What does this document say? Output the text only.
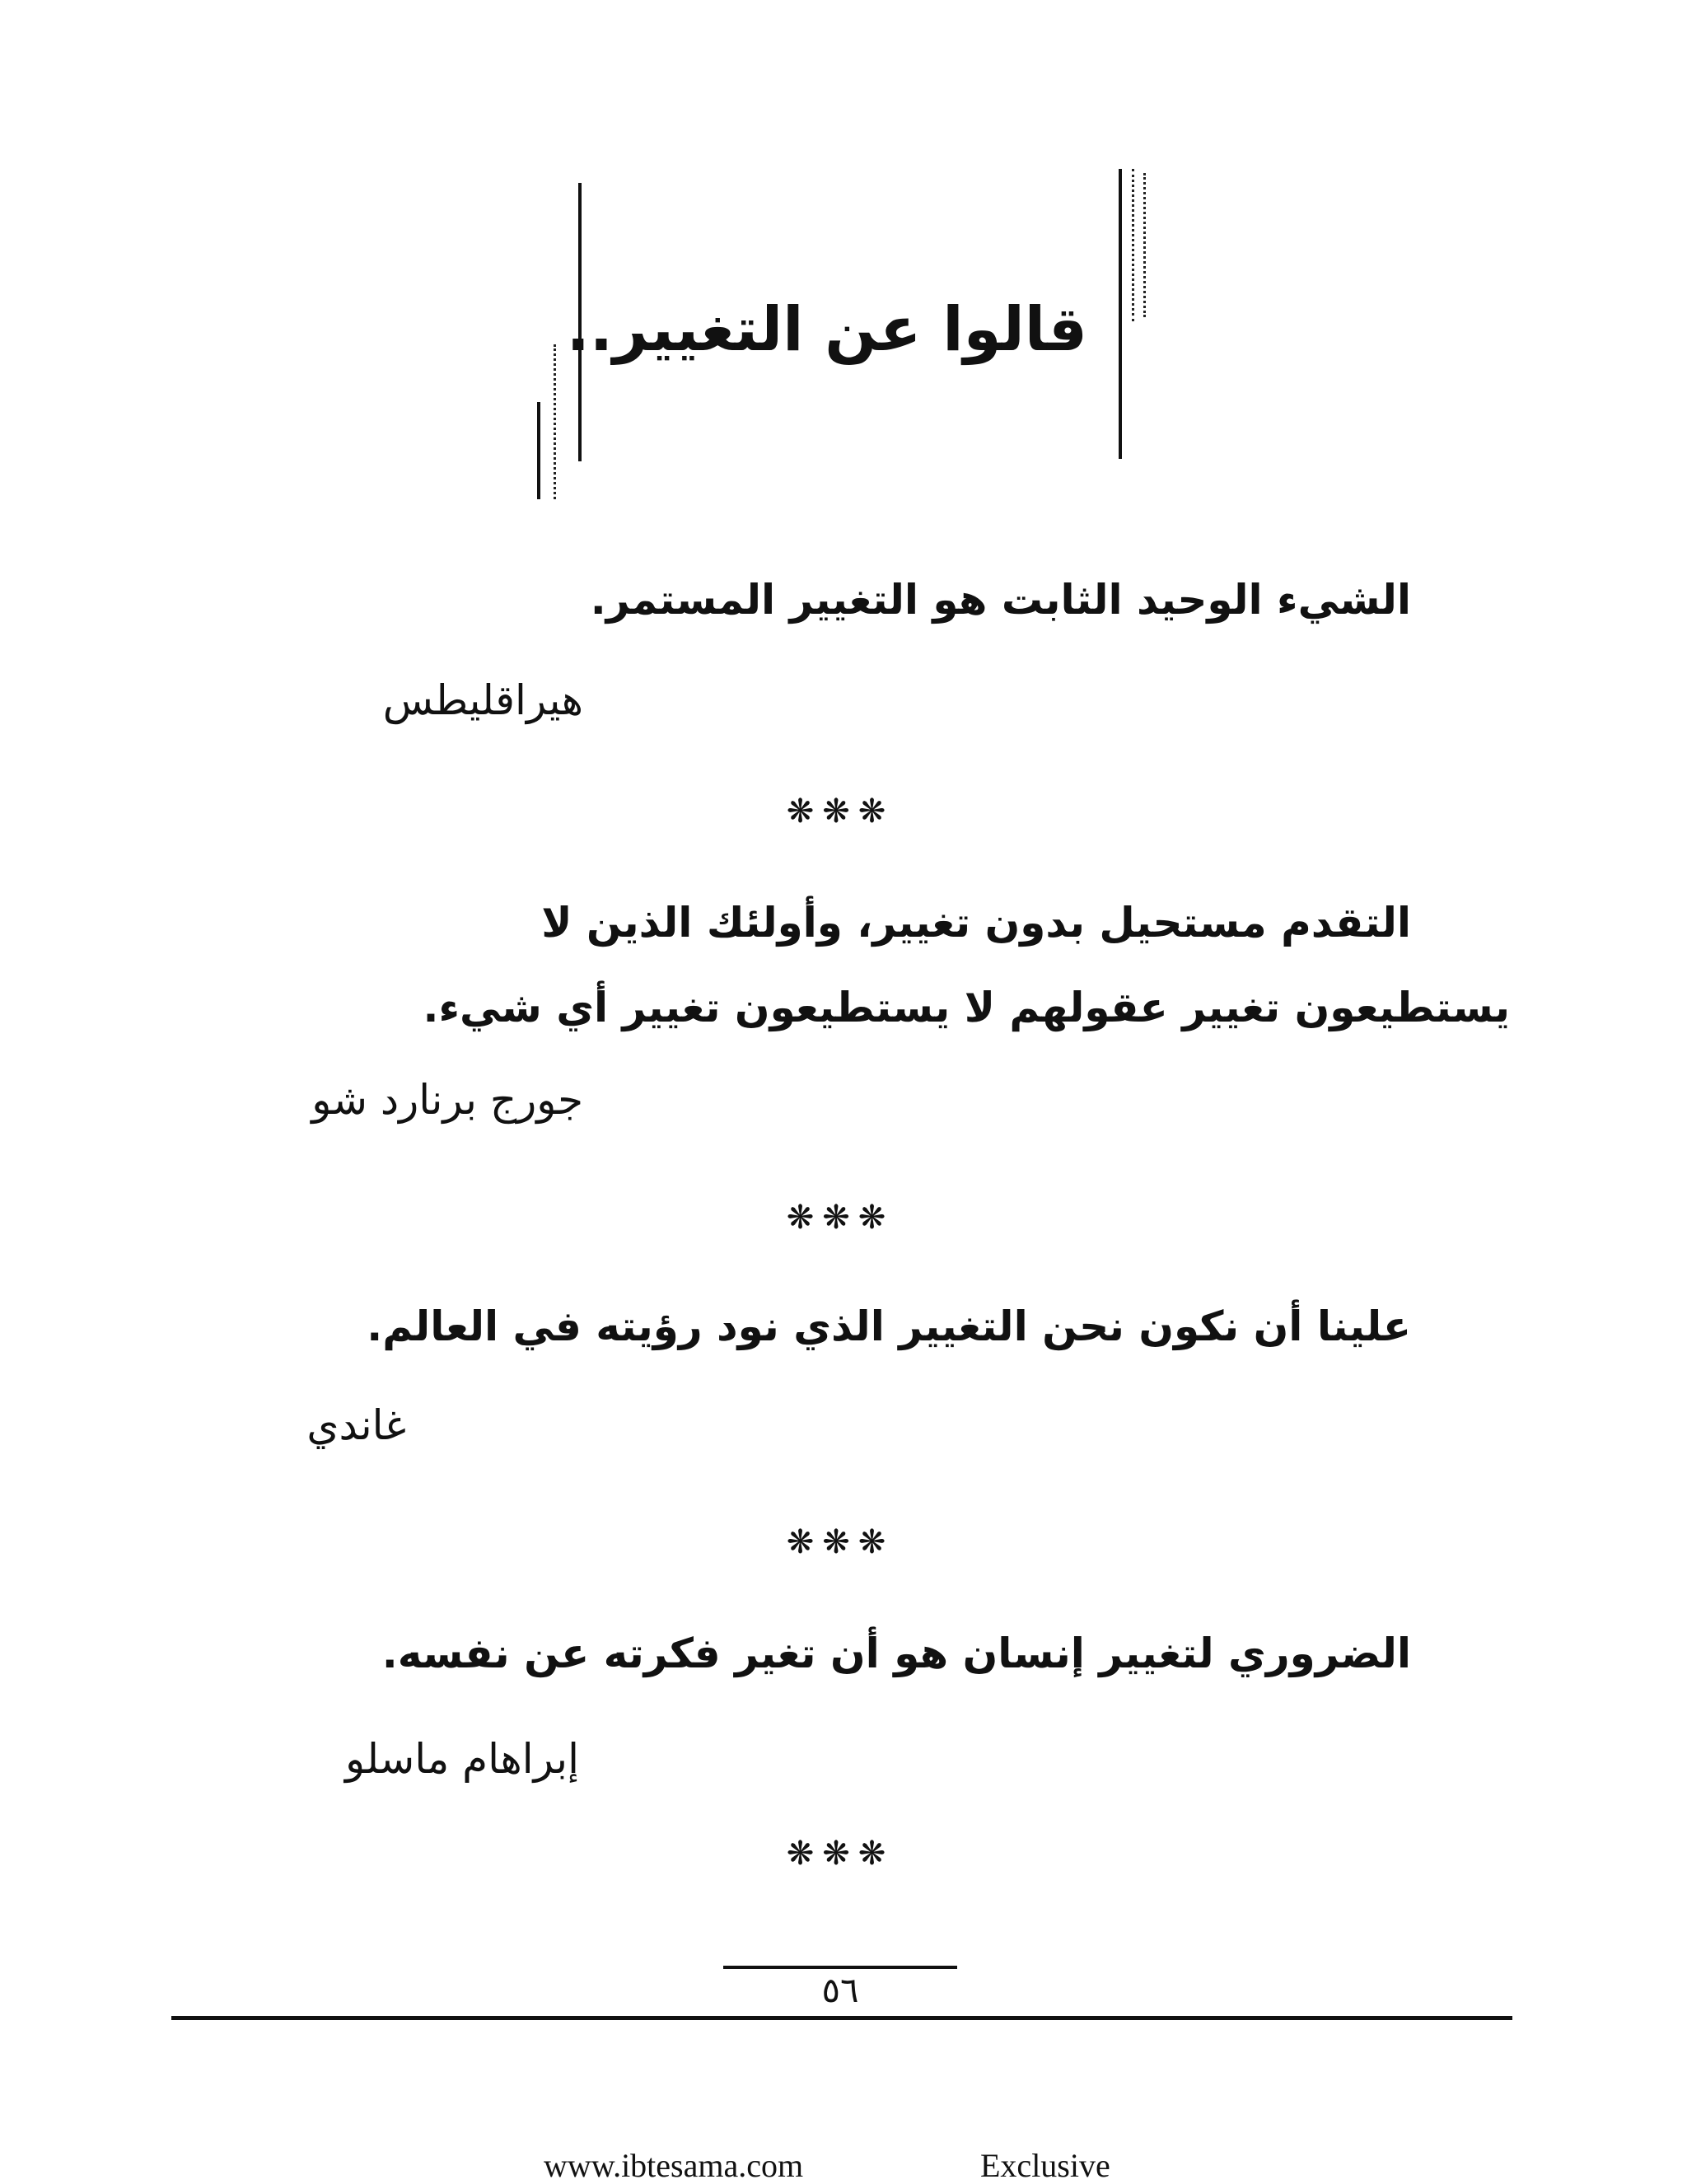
قالوا عن التغيير..
الشيء الوحيد الثابت هو التغيير المستمر.
هيراقليطس
❋❋❋
التقدم مستحيل بدون تغيير، وأولئك الذين لا
يستطيعون تغيير عقولهم لا يستطيعون تغيير أي شيء.
جورج برنارد شو
❋❋❋
علينا أن نكون نحن التغيير الذي نود رؤيته في العالم.
غاندي
❋❋❋
الضروري لتغيير إنسان هو أن تغير فكرته عن نفسه.
إبراهام ماسلو
❋❋❋
٥٦
www.ibtesama.com	Exclusive
